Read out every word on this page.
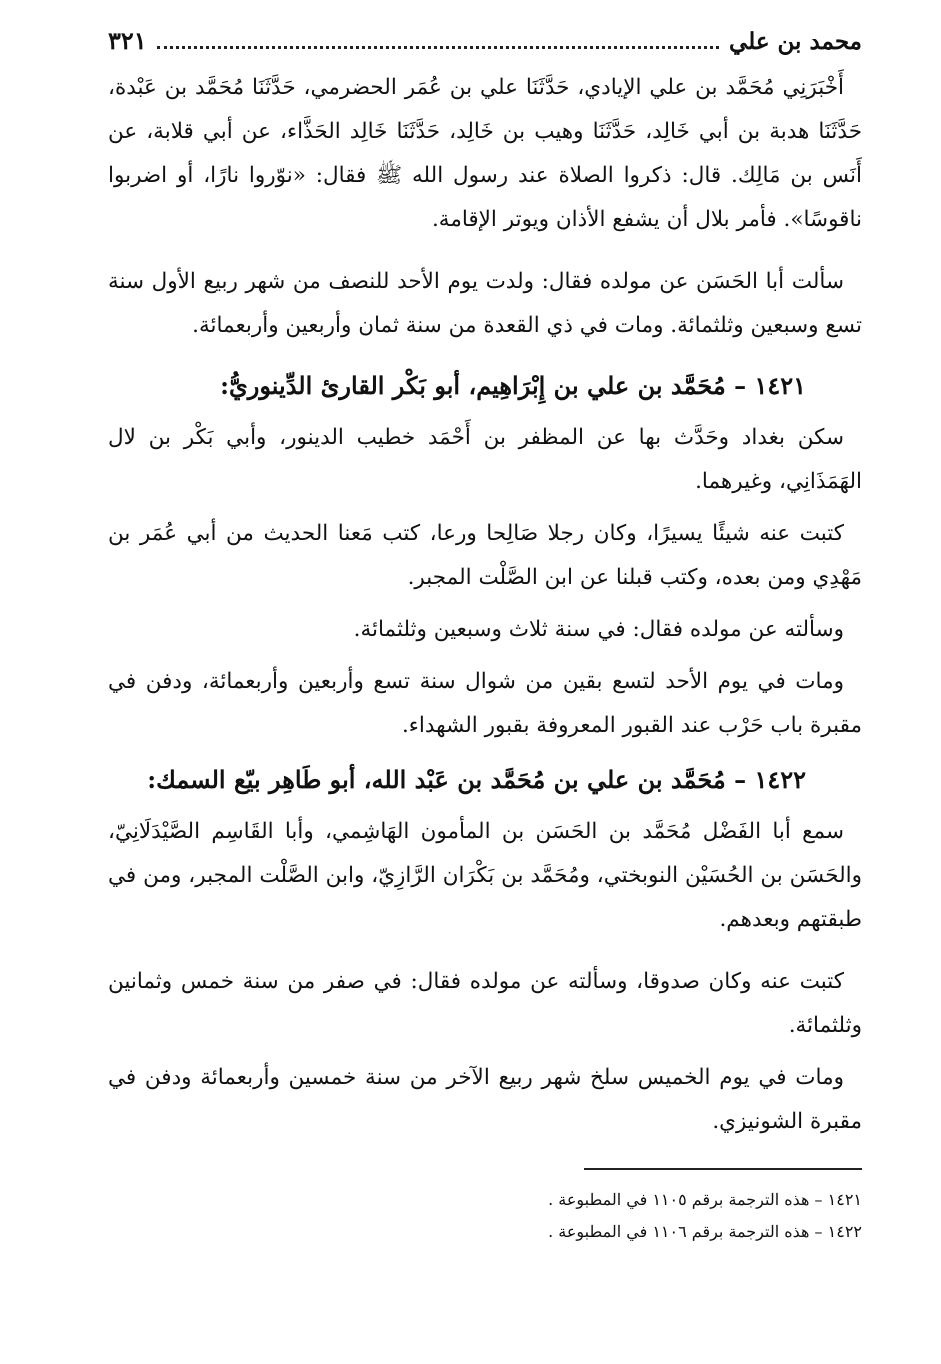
محمد بن علي
٣٢١

أَخْبَرَنِي مُحَمَّد بن علي الإيادي، حَدَّثَنَا علي بن عُمَر الحضرمي، حَدَّثَنَا مُحَمَّد بن عَبْدة، حَدَّثَنَا هدبة بن أبي خَالِد، حَدَّثَنَا وهيب بن خَالِد، حَدَّثَنَا خَالِد الحَذَّاء، عن أبي قلابة، عن أَنَس بن مَالِك. قال: ذكروا الصلاة عند رسول الله ﷺ فقال: «نوّروا نارًا، أو اضربوا ناقوسًا». فأمر بلال أن يشفع الأذان ويوتر الإقامة.

سألت أبا الحَسَن عن مولده فقال: ولدت يوم الأحد للنصف من شهر ربيع الأول سنة تسع وسبعين وثلثمائة. ومات في ذي القعدة من سنة ثمان وأربعين وأربعمائة.

١٤٢١ – مُحَمَّد بن علي بن إِبْرَاهِيم، أبو بَكْر القارئ الدِّينوريُّ:

سكن بغداد وحَدَّث بها عن المظفر بن أَحْمَد خطيب الدينور، وأبي بَكْر بن لال الهَمَذَانِي، وغيرهما.

كتبت عنه شيئًا يسيرًا، وكان رجلا صَالِحا ورعا، كتب مَعنا الحديث من أبي عُمَر بن مَهْدِي ومن بعده، وكتب قبلنا عن ابن الصَّلْت المجبر.

وسألته عن مولده فقال: في سنة ثلاث وسبعين وثلثمائة.

ومات في يوم الأحد لتسع بقين من شوال سنة تسع وأربعين وأربعمائة، ودفن في مقبرة باب حَرْب عند القبور المعروفة بقبور الشهداء.

١٤٢٢ – مُحَمَّد بن علي بن مُحَمَّد بن عَبْد الله، أبو طَاهِر بيّع السمك:

سمع أبا الفَضْل مُحَمَّد بن الحَسَن بن المأمون الهَاشِمي، وأبا القَاسِم الصَّيْدَلَانِيّ، والحَسَن بن الحُسَيْن النوبختي، ومُحَمَّد بن بَكْرَان الرَّازِيّ، وابن الصَّلْت المجبر، ومن في طبقتهم وبعدهم.

كتبت عنه وكان صدوقا، وسألته عن مولده فقال: في صفر من سنة خمس وثمانين وثلثمائة.

ومات في يوم الخميس سلخ شهر ربيع الآخر من سنة خمسين وأربعمائة ودفن في مقبرة الشونيزي.

١٤٢١ – هذه الترجمة برقم ١١٠٥ في المطبوعة .

١٤٢٢ – هذه الترجمة برقم ١١٠٦ في المطبوعة .
